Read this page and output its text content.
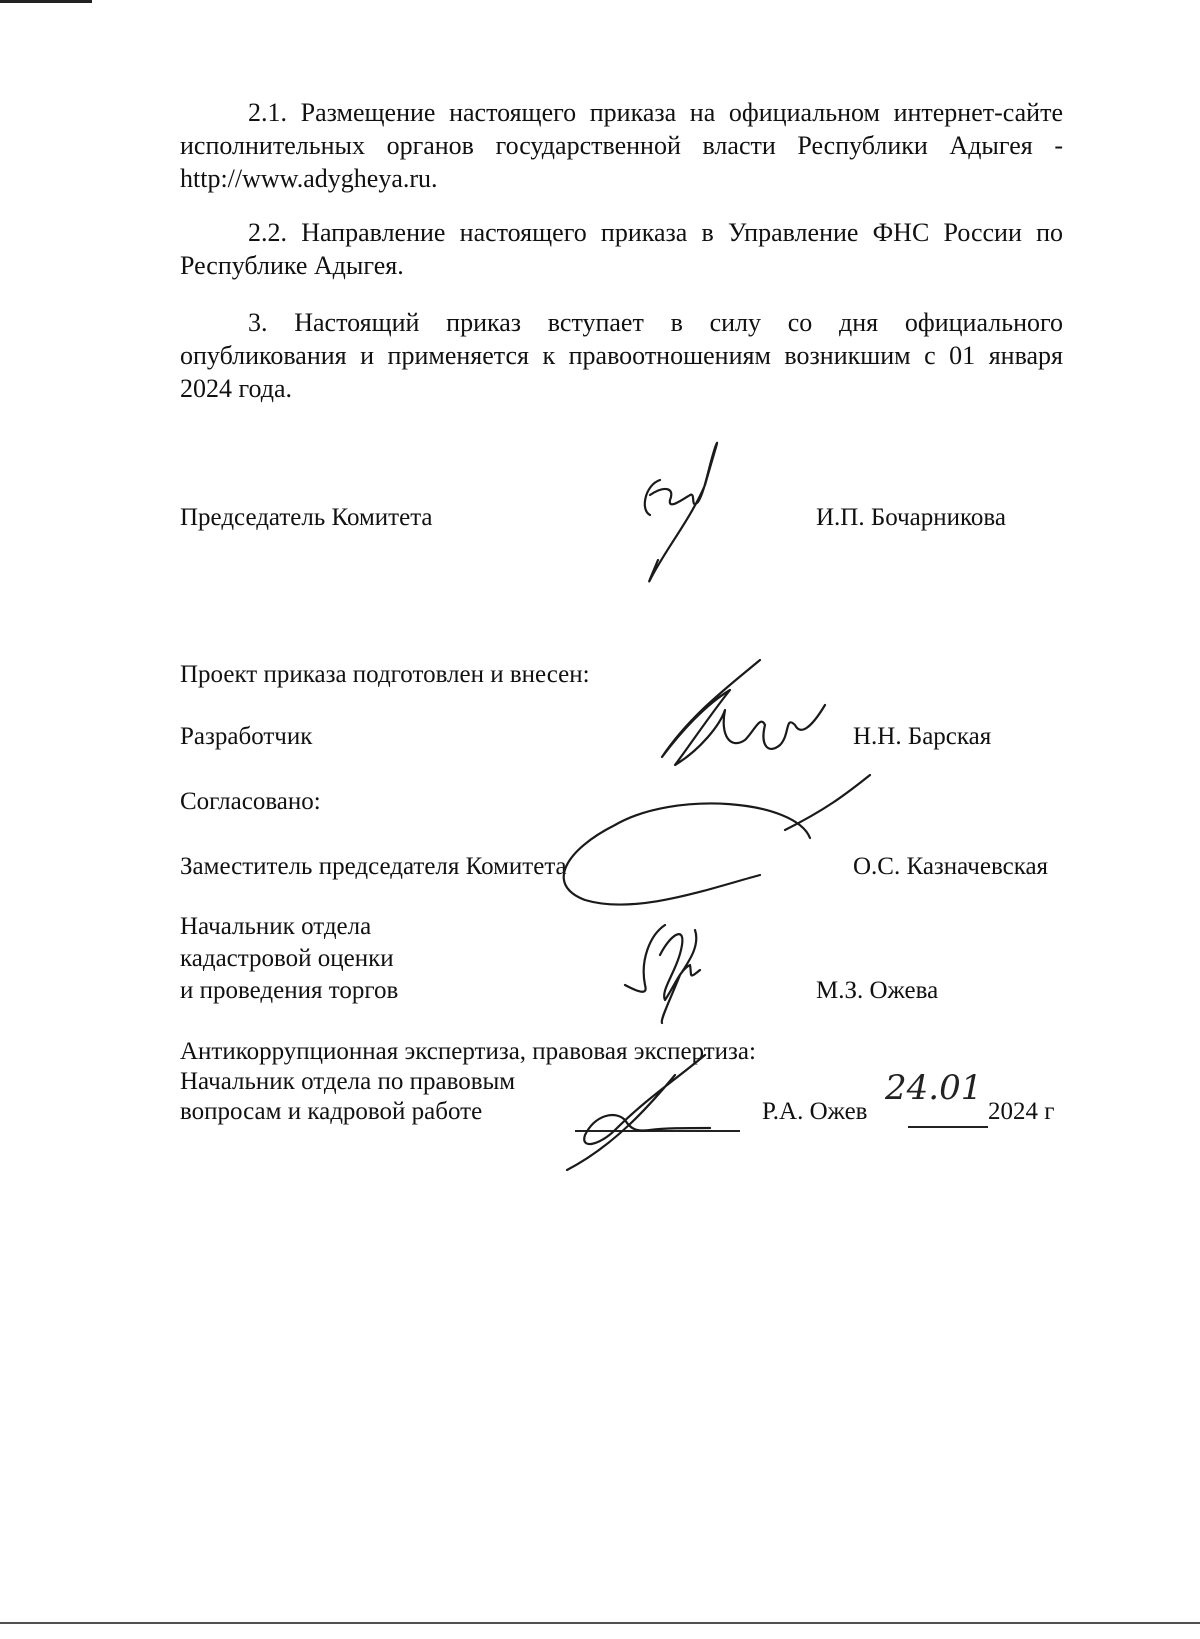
2.1. Размещение настоящего приказа на официальном интернет-сайте исполнительных органов государственной власти Республики Адыгея - http://www.adygheya.ru.

2.2. Направление настоящего приказа в Управление ФНС России по Республике Адыгея.

3. Настоящий приказ вступает в силу со дня официального опубликования и применяется к правоотношениям возникшим с 01 января 2024 года.

Председатель Комитета	И.П. Бочарникова

Проект приказа подготовлен и внесен:

Разработчик	Н.Н. Барская

Согласовано:

Заместитель председателя Комитета	О.С. Казначевская

Начальник отдела

кадастровой оценки

и проведения торгов	М.З. Ожева

Антикоррупционная экспертиза, правовая экспертиза:

Начальник отдела по правовым

вопросам и кадровой работе	Р.А. Ожев

24.01

2024 г
